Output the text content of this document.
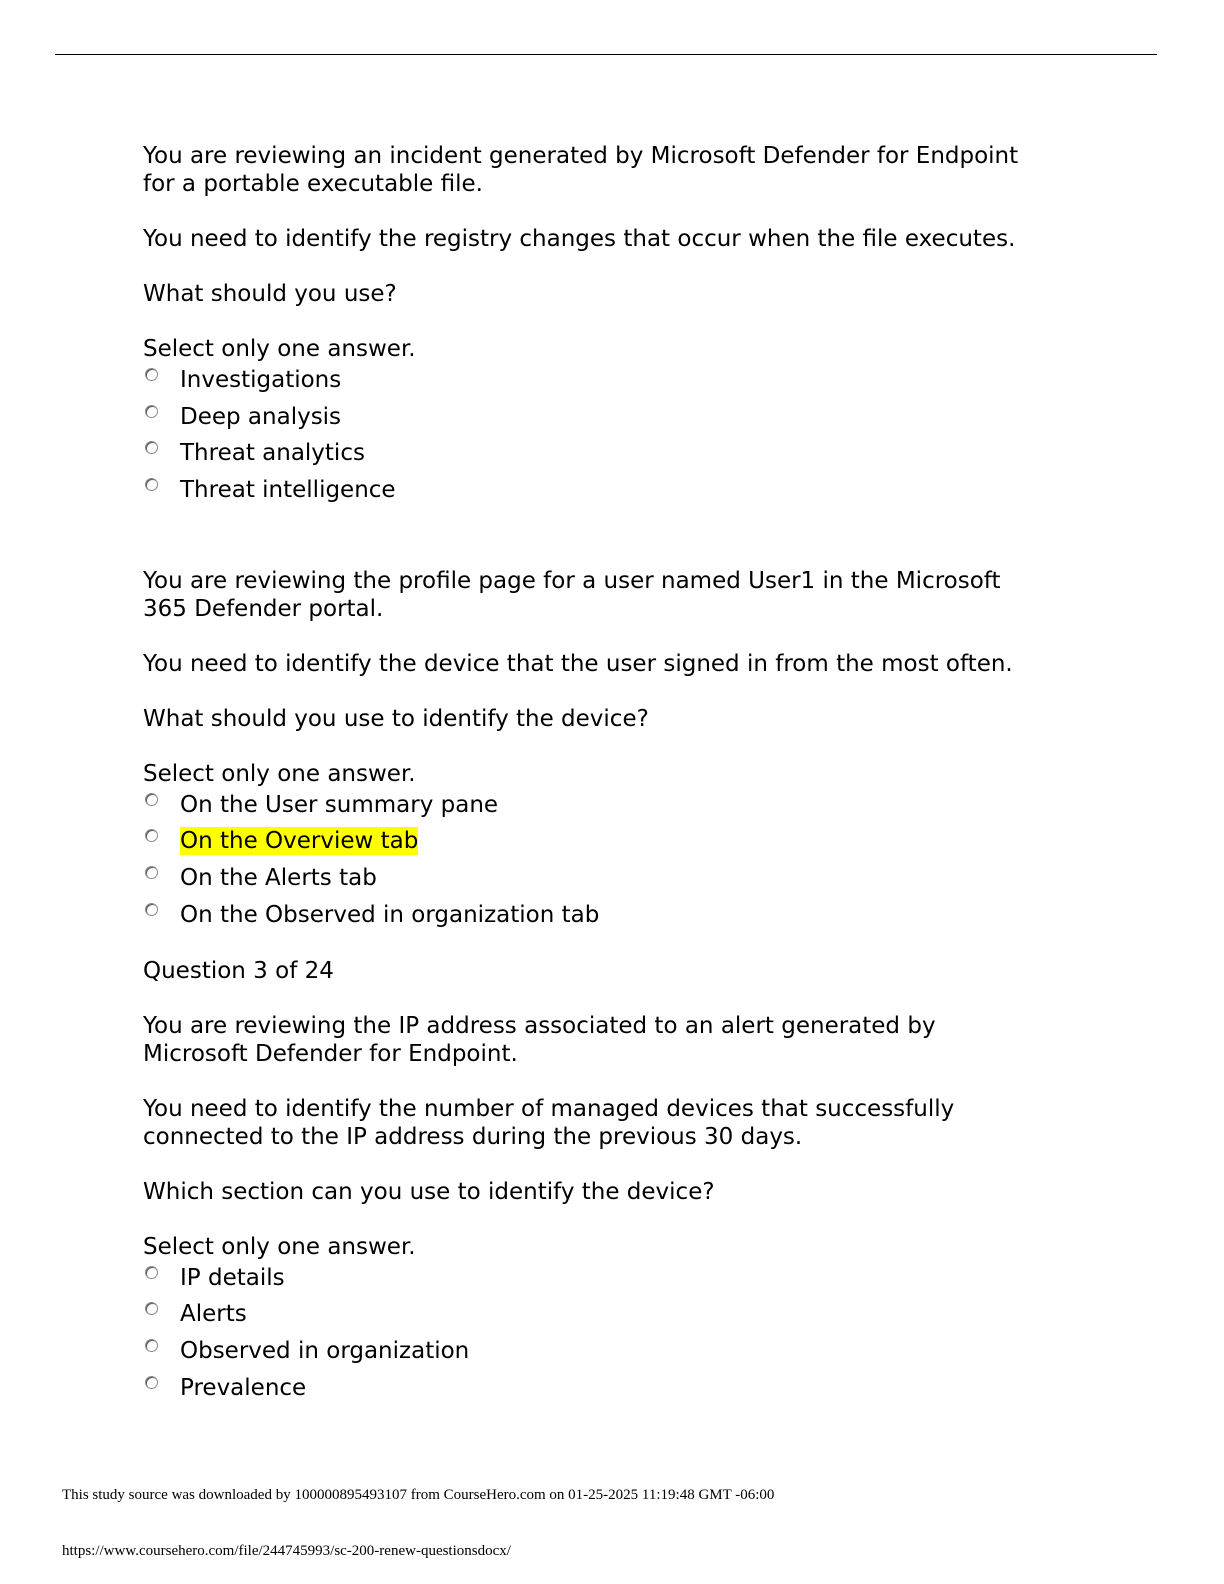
You are reviewing an incident generated by Microsoft Defender for Endpoint
for a portable executable file.

You need to identify the registry changes that occur when the file executes.

What should you use?

Select only one answer.

Investigations
Deep analysis
Threat analytics
Threat intelligence

You are reviewing the profile page for a user named User1 in the Microsoft
365 Defender portal.

You need to identify the device that the user signed in from the most often.

What should you use to identify the device?

Select only one answer.

On the User summary pane
On the Overview tab
On the Alerts tab
On the Observed in organization tab

Question 3 of 24

You are reviewing the IP address associated to an alert generated by
Microsoft Defender for Endpoint.

You need to identify the number of managed devices that successfully
connected to the IP address during the previous 30 days.

Which section can you use to identify the device?

Select only one answer.

IP details
Alerts
Observed in organization
Prevalence
This study source was downloaded by 100000895493107 from CourseHero.com on 01-25-2025 11:19:48 GMT -06:00
https://www.coursehero.com/file/244745993/sc-200-renew-questionsdocx/
